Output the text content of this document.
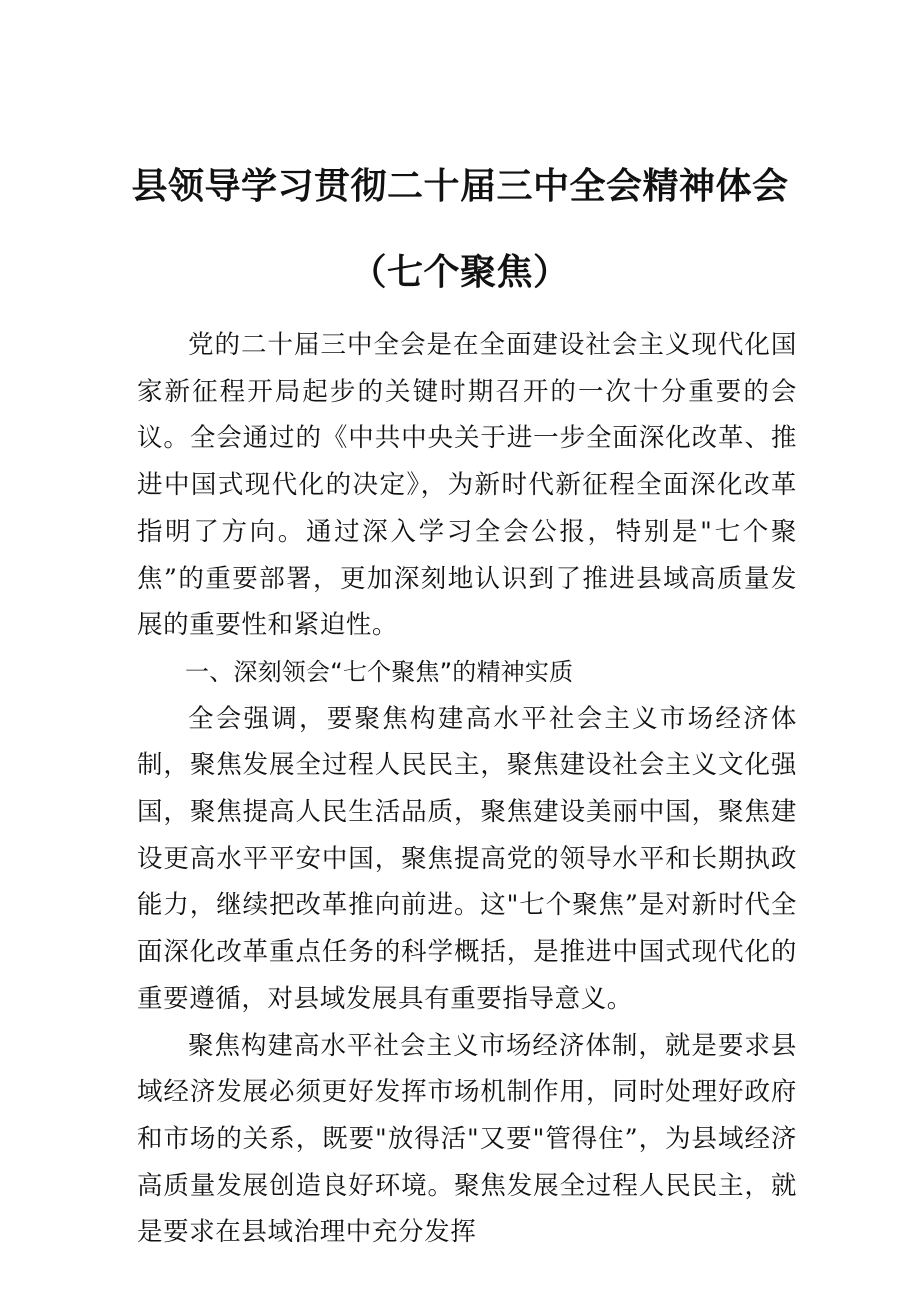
县领导学习贯彻二十届三中全会精神体会
（七个聚焦）

党的二十届三中全会是在全面建设社会主义现代化国家新征程开局起步的关键时期召开的一次十分重要的会议。全会通过的《中共中央关于进一步全面深化改革、推进中国式现代化的决定》，为新时代新征程全面深化改革指明了方向。通过深入学习全会公报，特别是"七个聚焦”的重要部署，更加深刻地认识到了推进县域高质量发展的重要性和紧迫性。

一、深刻领会“七个聚焦”的精神实质

全会强调，要聚焦构建高水平社会主义市场经济体制，聚焦发展全过程人民民主，聚焦建设社会主义文化强国，聚焦提高人民生活品质，聚焦建设美丽中国，聚焦建设更高水平平安中国，聚焦提高党的领导水平和长期执政能力，继续把改革推向前进。这"七个聚焦”是对新时代全面深化改革重点任务的科学概括，是推进中国式现代化的重要遵循，对县域发展具有重要指导意义。

聚焦构建高水平社会主义市场经济体制，就是要求县域经济发展必须更好发挥市场机制作用，同时处理好政府和市场的关系，既要"放得活"又要"管得住”，为县域经济高质量发展创造良好环境。聚焦发展全过程人民民主，就是要求在县域治理中充分发挥
